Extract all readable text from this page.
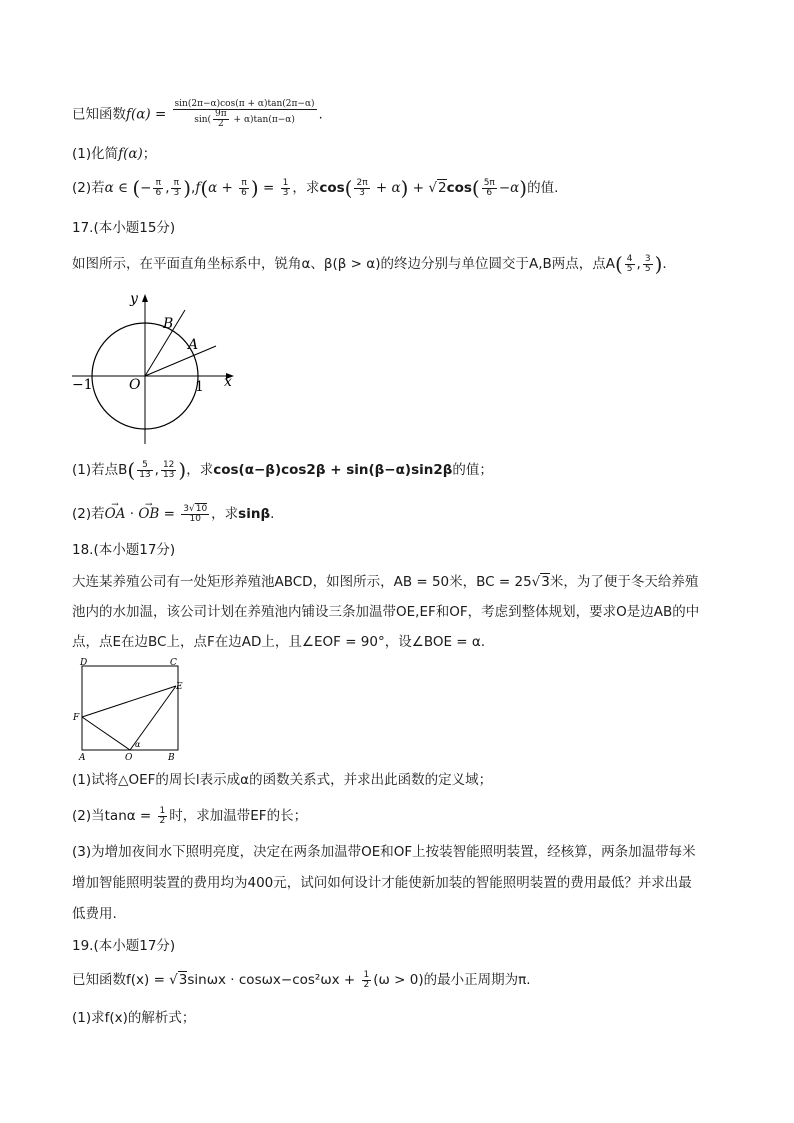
已知函数$f(\alpha) = \frac{\sin(2\pi-\alpha)\cos(\pi + \alpha)\tan(2\pi-\alpha)}{\sin( \frac{9\pi}{2} + \alpha)\tan(\pi-\alpha)}$ .
(1)化简f(α)；
(2)若α ∈ (− $\frac{\pi}{6}$ , $\frac{\pi}{3} ),f(\alpha + \frac{\pi}{6}$ ) = $\frac{1}{3}$ ，求$\cos( \frac{2\pi}{3} + \alpha) + √2\cos( \frac{5\pi}{6} -\alpha)$的值.
17.(本小题15分)
如图所示，在平面直角坐标系中，锐角α、β(β > α)的终边分别与单位圆交于A,B两点，点$A( \frac{4}{5}$ , $\frac{3}{5}$ ).
y
x
O
−1	1
A
B
(1)若点$B( \frac{5}{13}$ , $\frac{12}{13}$ )，求cos(α−β)cos2β + sin(β−α)sin2β的值；
(2)若→ OA · → OB = $\frac{3√10}{10}$ ，求sinβ.
18.(本小题17分)
大连某养殖公司有一处矩形养殖池ABCD，如图所示，AB = 50米，BC = 25√3米，为了便于冬天给养殖
池内的水加温，该公司计划在养殖池内铺设三条加温带OE,EF和OF，考虑到整体规划，要求O是边AB的中
点，点E在边BC上，点F在边AD上，且∠EOF = 90°，设∠BOE = α.
D	C
E
F
A	O
α
B
(1)试将△OEF的周长l表示成α的函数关系式，并求出此函数的定义域；
(2)当$\tan\alpha = \frac{1}{2}$ 时，求加温带EF的长；
(3)为增加夜间水下照明亮度，决定在两条加温带OE和OF上按装智能照明装置，经核算，两条加温带每米
增加智能照明装置的费用均为400元，试问如何设计才能使新加装的智能照明装置的费用最低？并求出最
低费用.
19.(本小题17分)
已知函数$f(x) = √3\sin\omega x \cdot \cos\omega x-\cos^2\omega x + \frac{1}{2} (\omega > 0)$的最小正周期为π.
(1)求f(x)的解析式；
